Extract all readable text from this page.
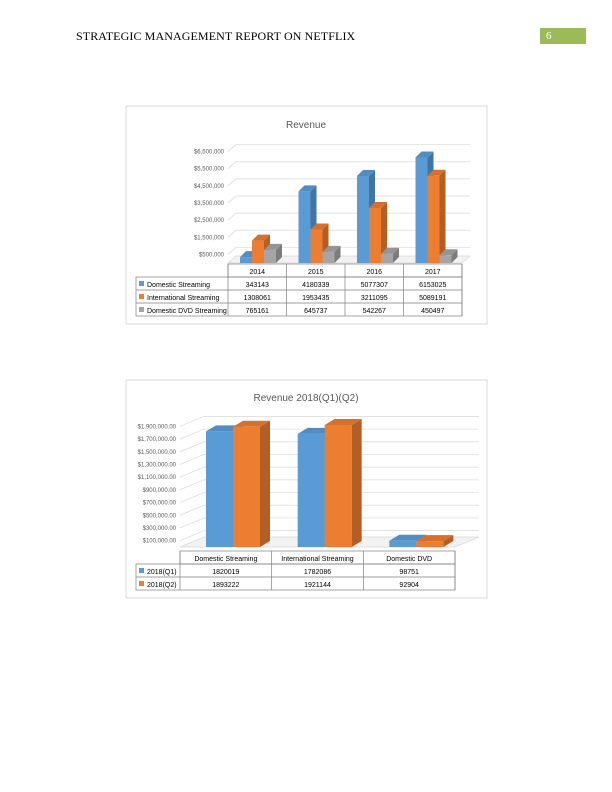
STRATEGIC MANAGEMENT REPORT ON NETFLIX	6
Revenue
$500,000
$1,500,000
$2,500,000
$3,500,000
$4,500,000
$5,500,000
$6,500,000
2014	2015	2016	2017
Domestic Streaming	343143	4180339	5077307	6153025
International Streaming	1308061	1953435	3211095	5089191
Domestic DVD Streaming	765161	645737	542267	450497
Revenue 2018(Q1)(Q2)
$100,000.00
$300,000.00
$500,000.00
$700,000.00
$900,000.00
$1,100,000.00
$1,300,000.00
$1,500,000.00
$1,700,000.00
$1,900,000.00
Domestic Streaming	International Streaming	Domestic DVD
2018(Q1)	1820019	1782086	98751
2018(Q2)	1893222	1921144	92904
